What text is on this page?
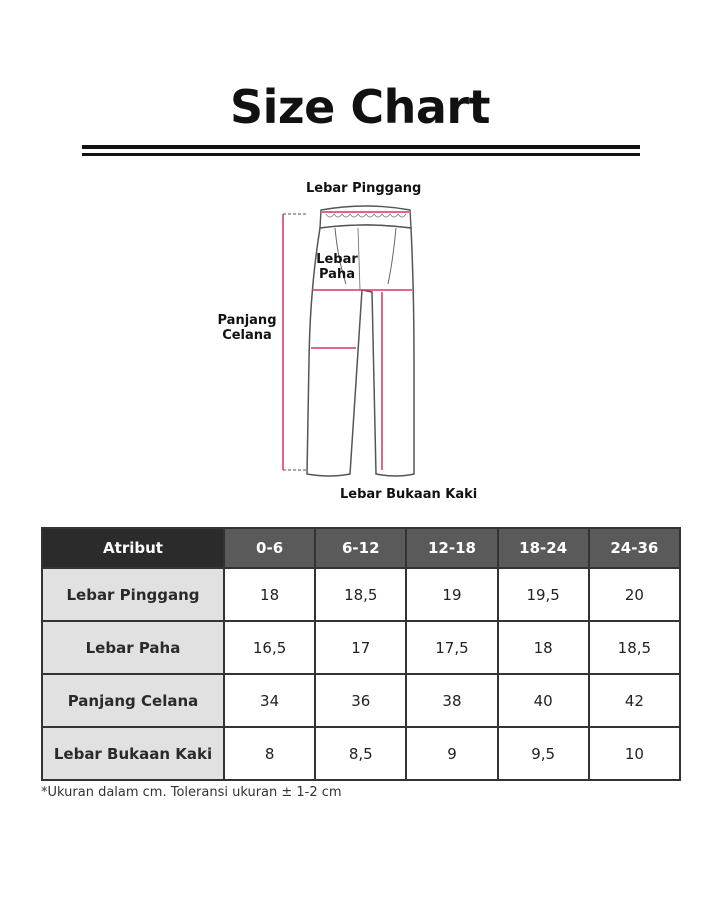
Size Chart
Lebar Pinggang
Lebar
Paha
Panjang
Celana
Lebar Bukaan Kaki
Atribut	0-6	6-12	12-18	18-24	24-36
Lebar Pinggang	18	18,5	19	19,5	20
Lebar Paha	16,5	17	17,5	18	18,5
Panjang Celana	34	36	38	40	42
Lebar Bukaan Kaki	8	8,5	9	9,5	10
*Ukuran dalam cm. Toleransi ukuran ± 1-2 cm
